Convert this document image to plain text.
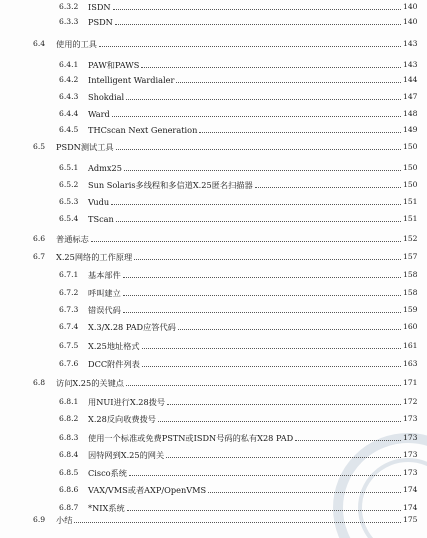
6.3.2 ISDN	140
6.3.3 PSDN	140
6.4 使用的工具	143
6.4.1 PAW和PAWS	143
6.4.2 Intelligent Wardialer	144
6.4.3 Shokdial	147
6.4.4 Ward	148
6.4.5 THCscan Next Generation	149
6.5 PSDN测试工具	150
6.5.1 Admx25	150
6.5.2 Sun Solaris多线程和多信道X.25匿名扫描器	150
6.5.3 Vudu	151
6.5.4 TScan	151
6.6 普通标志	152
6.7 X.25网络的工作原理	157
6.7.1 基本部件	158
6.7.2 呼叫建立	158
6.7.3 错误代码	159
6.7.4 X.3/X.28 PAD应答代码	160
6.7.5 X.25地址格式	161
6.7.6 DCC附件列表	163
6.8 访问X.25的关键点	171
6.8.1 用NUI进行X.28拨号	172
6.8.2 X.28反向收费拨号	173
6.8.3 使用一个标准或免费PSTN或ISDN号码的私有X28 PAD	173
6.8.4 因特网到X.25的网关	173
6.8.5 Cisco系统	173
6.8.6 VAX/VMS或者AXP/OpenVMS	174
6.8.7 *NIX系统	174
6.9 小结	175
